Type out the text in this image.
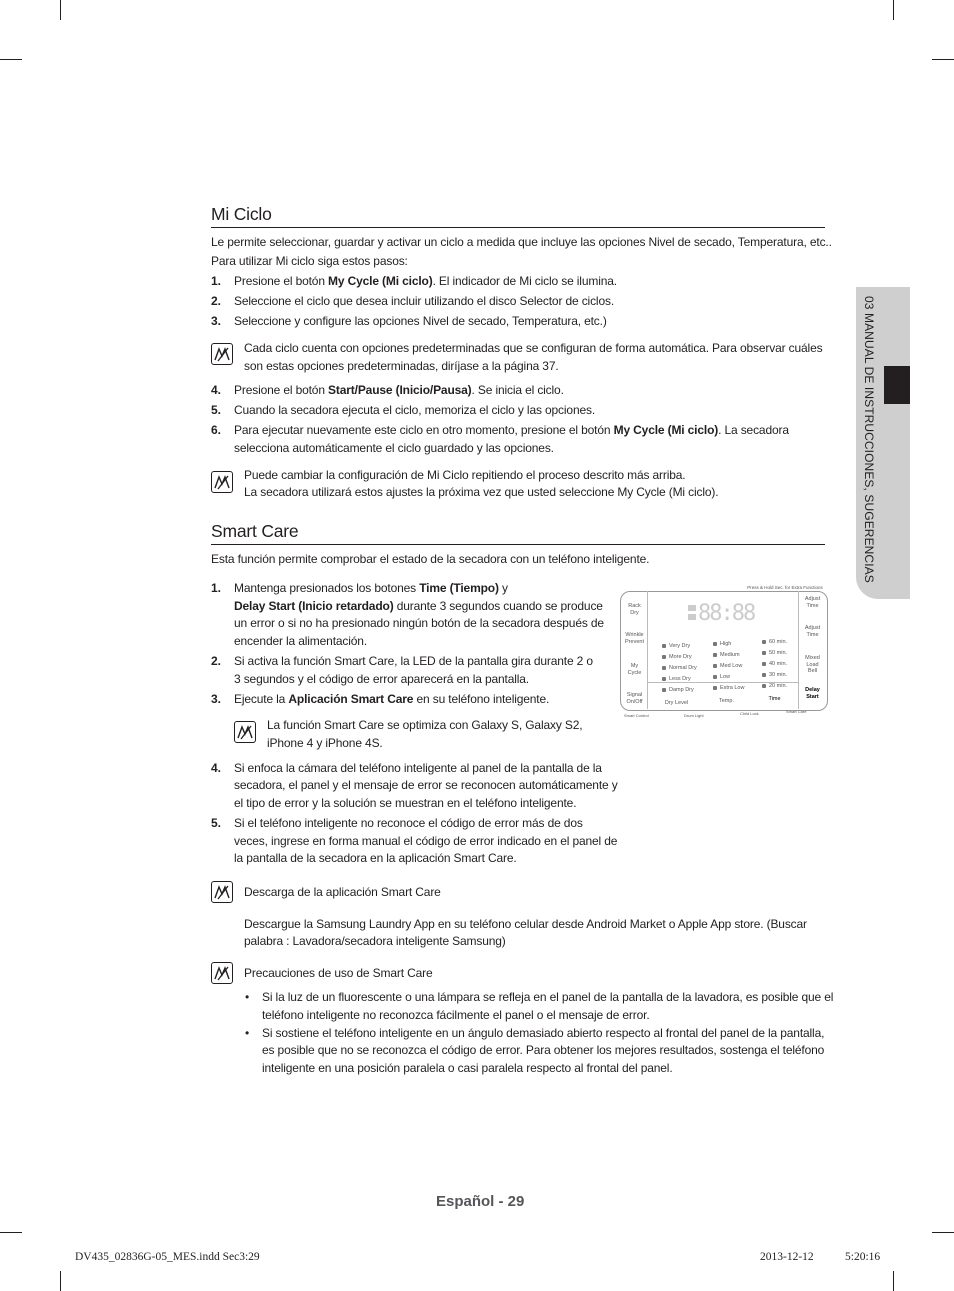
03 MANUAL DE INSTRUCCIONES, SUGERENCIAS
Mi Ciclo
Le permite seleccionar, guardar y activar un ciclo a medida que incluye las opciones Nivel de secado, Temperatura, etc..
Para utilizar Mi ciclo siga estos pasos:
1. Presione el botón My Cycle (Mi ciclo). El indicador de Mi ciclo se ilumina.
2. Seleccione el ciclo que desea incluir utilizando el disco Selector de ciclos.
3. Seleccione y configure las opciones Nivel de secado, Temperatura, etc.)
Cada ciclo cuenta con opciones predeterminadas que se configuran de forma automática. Para observar cuáles
son estas opciones predeterminadas, diríjase a la página 37.
4. Presione el botón Start/Pause (Inicio/Pausa). Se inicia el ciclo.
5. Cuando la secadora ejecuta el ciclo, memoriza el ciclo y las opciones.
6. Para ejecutar nuevamente este ciclo en otro momento, presione el botón My Cycle (Mi ciclo). La secadora
selecciona automáticamente el ciclo guardado y las opciones.
Puede cambiar la configuración de Mi Ciclo repitiendo el proceso descrito más arriba.
La secadora utilizará estos ajustes la próxima vez que usted seleccione My Cycle (Mi ciclo).
Smart Care
Esta función permite comprobar el estado de la secadora con un teléfono inteligente.
1. Mantenga presionados los botones Time (Tiempo) y
Delay Start (Inicio retardado) durante 3 segundos cuando se produce
un error o si no ha presionado ningún botón de la secadora después de
encender la alimentación.
2. Si activa la función Smart Care, la LED de la pantalla gira durante 2 o
3 segundos y el código de error aparecerá en la pantalla.
3. Ejecute la Aplicación Smart Care en su teléfono inteligente.
La función Smart Care se optimiza con Galaxy S, Galaxy S2,
iPhone 4 y iPhone 4S.
4. Si enfoca la cámara del teléfono inteligente al panel de la pantalla de la
secadora, el panel y el mensaje de error se reconocen automáticamente y
el tipo de error y la solución se muestran en el teléfono inteligente.
5. Si el teléfono inteligente no reconoce el código de error más de dos
veces, ingrese en forma manual el código de error indicado en el panel de
la pantalla de la secadora en la aplicación Smart Care.
Descarga de la aplicación Smart Care
Descargue la Samsung Laundry App en su teléfono celular desde Android Market o Apple App store. (Buscar
palabra : Lavadora/secadora inteligente Samsung)
Precauciones de uso de Smart Care
• Si la luz de un fluorescente o una lámpara se refleja en el panel de la pantalla de la lavadora, es posible que el
teléfono inteligente no reconozca fácilmente el panel o el mensaje de error.
• Si sostiene el teléfono inteligente en un ángulo demasiado abierto respecto al frontal del panel de la pantalla,
es posible que no se reconozca el código de error. Para obtener los mejores resultados, sostenga el teléfono
inteligente en una posición paralela o casi paralela respecto al frontal del panel.
Press & Hold Sec. for Extra Functions
Rack
Dry
Wrinkle
Prevent
My
Cycle
Signal
On/Off
Adjust
Time
Adjust
Time
Mixed
Load
Bell
Delay
Start
88:88
Very Dry
More Dry
Normal Dry
Less Dry
Damp Dry
High
Medium
Med Low
Low
Extra Low
60 min.
50 min.
40 min.
30 min.
20 min.
Dry Level	Temp.	Time
Smart Control	Drum Light	Child Lock	Smart Care
Español - 29
DV435_02836G-05_MES.indd Sec3:29	2013-12-12	5:20:16
